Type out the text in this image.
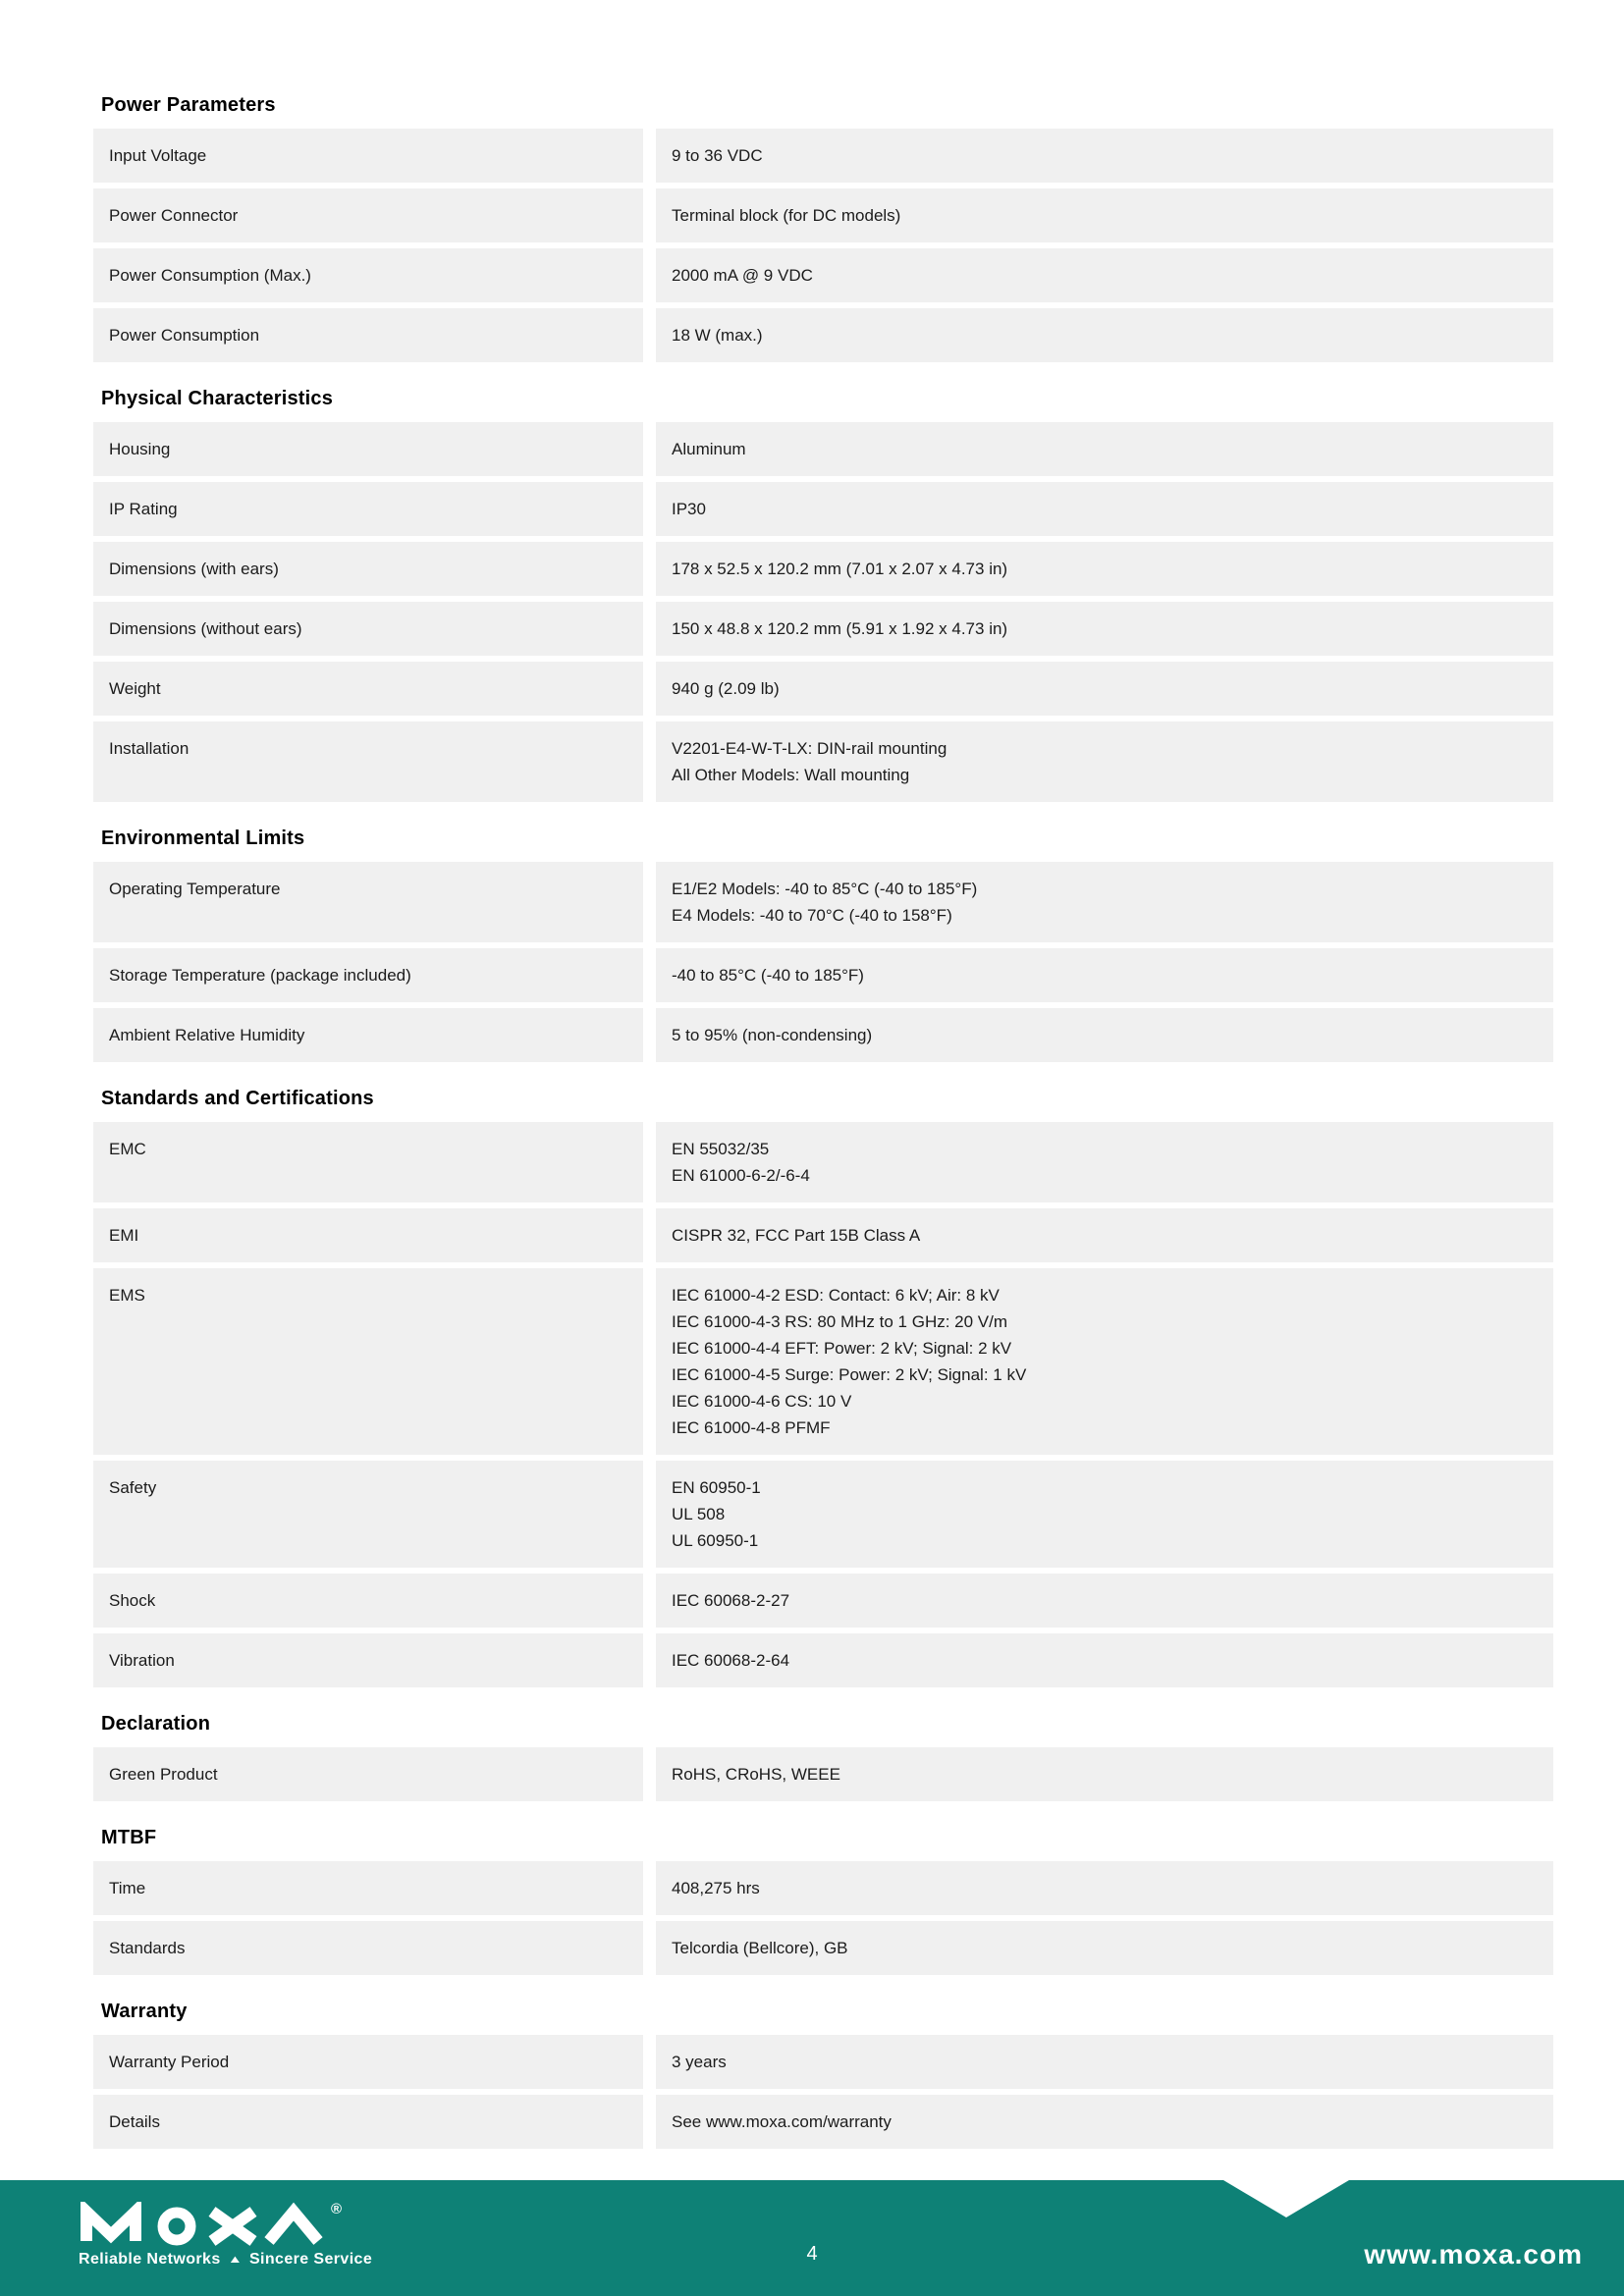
Power Parameters
Input Voltage	9 to 36 VDC
Power Connector	Terminal block (for DC models)
Power Consumption (Max.)	2000 mA @ 9 VDC
Power Consumption	18 W (max.)
Physical Characteristics
Housing	Aluminum
IP Rating	IP30
Dimensions (with ears)	178 x 52.5 x 120.2 mm (7.01 x 2.07 x 4.73 in)
Dimensions (without ears)	150 x 48.8 x 120.2 mm (5.91 x 1.92 x 4.73 in)
Weight	940 g (2.09 lb)
Installation	V2201-E4-W-T-LX: DIN-rail mounting
All Other Models: Wall mounting
Environmental Limits
Operating Temperature	E1/E2 Models: -40 to 85°C (-40 to 185°F)
E4 Models: -40 to 70°C (-40 to 158°F)
Storage Temperature (package included)	-40 to 85°C (-40 to 185°F)
Ambient Relative Humidity	5 to 95% (non-condensing)
Standards and Certifications
EMC	EN 55032/35
EN 61000-6-2/-6-4
EMI	CISPR 32, FCC Part 15B Class A
EMS	IEC 61000-4-2 ESD: Contact: 6 kV; Air: 8 kV
IEC 61000-4-3 RS: 80 MHz to 1 GHz: 20 V/m
IEC 61000-4-4 EFT: Power: 2 kV; Signal: 2 kV
IEC 61000-4-5 Surge: Power: 2 kV; Signal: 1 kV
IEC 61000-4-6 CS: 10 V
IEC 61000-4-8 PFMF
Safety	EN 60950-1
UL 508
UL 60950-1
Shock	IEC 60068-2-27
Vibration	IEC 60068-2-64
Declaration
Green Product	RoHS, CRoHS, WEEE
MTBF
Time	408,275 hrs
Standards	Telcordia (Bellcore), GB
Warranty
Warranty Period	3 years
Details	See www.moxa.com/warranty
®
Reliable Networks ▲ Sincere Service	4	www.moxa.com
